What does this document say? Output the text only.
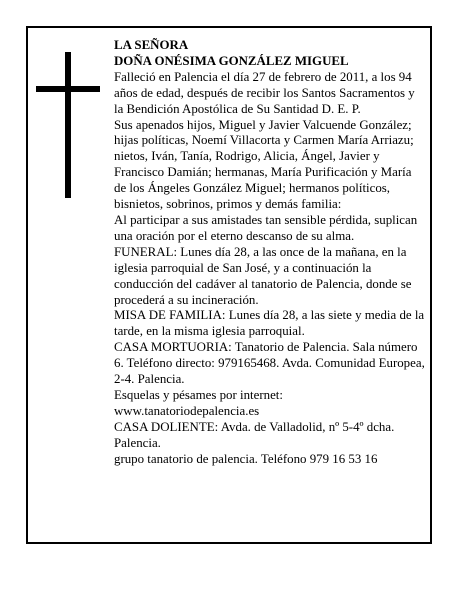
LA SEÑORA

DOÑA ONÉSIMA GONZÁLEZ MIGUEL

Falleció en Palencia el día 27 de febrero de 2011, a los 94 años de edad, después de recibir los Santos Sacramentos y la Bendición Apostólica de Su Santidad D. E. P.

Sus apenados hijos, Miguel y Javier Valcuende González; hijas políticas, Noemí Villacorta y Carmen María Arriazu; nietos, Iván, Tanía, Rodrigo, Alicia, Ángel, Javier y Francisco Damián; hermanas, María Purificación y María de los Ángeles González Miguel; hermanos políticos, bisnietos, sobrinos, primos y demás familia:

Al participar a sus amistades tan sensible pérdida, suplican una oración por el eterno descanso de su alma.

FUNERAL: Lunes día 28, a las once de la mañana, en la iglesia parroquial de San José, y a continuación la conducción del cadáver al tanatorio de Palencia, donde se procederá a su incineración.

MISA DE FAMILIA: Lunes día 28, a las siete y media de la tarde, en la misma iglesia parroquial.

CASA MORTUORIA: Tanatorio de Palencia. Sala número 6. Teléfono directo: 979165468. Avda. Comunidad Europea, 2-4. Palencia.

Esquelas y pésames por internet: www.tanatoriodepalencia.es

CASA DOLIENTE: Avda. de Valladolid, nº 5-4º dcha. Palencia.

grupo tanatorio de palencia. Teléfono 979 16 53 16
